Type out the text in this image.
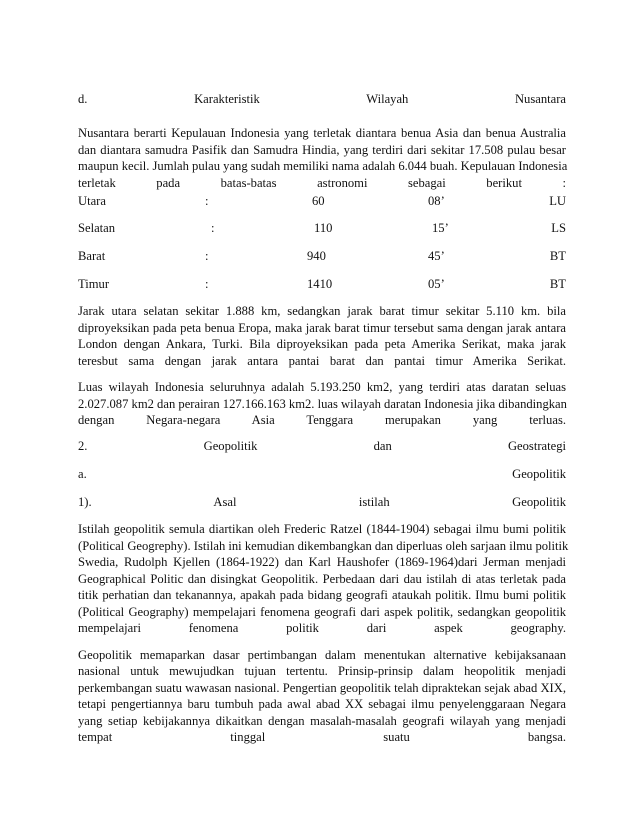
d.	Karakteristik	Wilayah	Nusantara
Nusantara berarti Kepulauan Indonesia yang terletak diantara benua Asia dan benua Australia
dan diantara samudra Pasifik dan Samudra Hindia, yang terdiri dari sekitar 17.508 pulau besar
maupun kecil. Jumlah pulau yang sudah memiliki nama adalah 6.044 buah. Kepulauan Indonesia
terletak pada batas-batas astronomi sebagai berikut :
Utara	:	60	08’	LU
Selatan	:	110	15’	LS
Barat	:	940	45’	BT
Timur	:	1410	05’	BT
Jarak utara selatan sekitar 1.888 km, sedangkan jarak barat timur sekitar 5.110 km. bila
diproyeksikan pada peta benua Eropa, maka jarak barat timur tersebut sama dengan jarak antara
London dengan Ankara, Turki. Bila diproyeksikan pada peta Amerika Serikat, maka jarak
teresbut sama dengan jarak antara pantai barat dan pantai timur Amerika Serikat.
Luas wilayah Indonesia seluruhnya adalah 5.193.250 km2, yang terdiri atas daratan seluas
2.027.087 km2 dan perairan 127.166.163 km2. luas wilayah daratan Indonesia jika dibandingkan
dengan Negara-negara Asia Tenggara merupakan yang terluas.
2. Geopolitik dan Geostrategi
a. Geopolitik
1). Asal istilah Geopolitik
Istilah geopolitik semula diartikan oleh Frederic Ratzel (1844-1904) sebagai ilmu bumi politik
(Political Geogrephy). Istilah ini kemudian dikembangkan dan diperluas oleh sarjaan ilmu politik
Swedia, Rudolph Kjellen (1864-1922) dan Karl Haushofer (1869-1964)dari Jerman menjadi
Geographical Politic dan disingkat Geopolitik. Perbedaan dari dau istilah di atas terletak pada
titik perhatian dan tekanannya, apakah pada bidang geografi ataukah politik. Ilmu bumi politik
(Political Geography) mempelajari fenomena geografi dari aspek politik, sedangkan geopolitik
mempelajari fenomena politik dari aspek geography.
Geopolitik memaparkan dasar pertimbangan dalam menentukan alternative kebijaksanaan
nasional untuk mewujudkan tujuan tertentu. Prinsip-prinsip dalam heopolitik menjadi
perkembangan suatu wawasan nasional. Pengertian geopolitik telah dipraktekan sejak abad XIX,
tetapi pengertiannya baru tumbuh pada awal abad XX sebagai ilmu penyelenggaraan Negara
yang setiap kebijakannya dikaitkan dengan masalah-masalah geografi wilayah yang menjadi
tempat tinggal suatu bangsa.
